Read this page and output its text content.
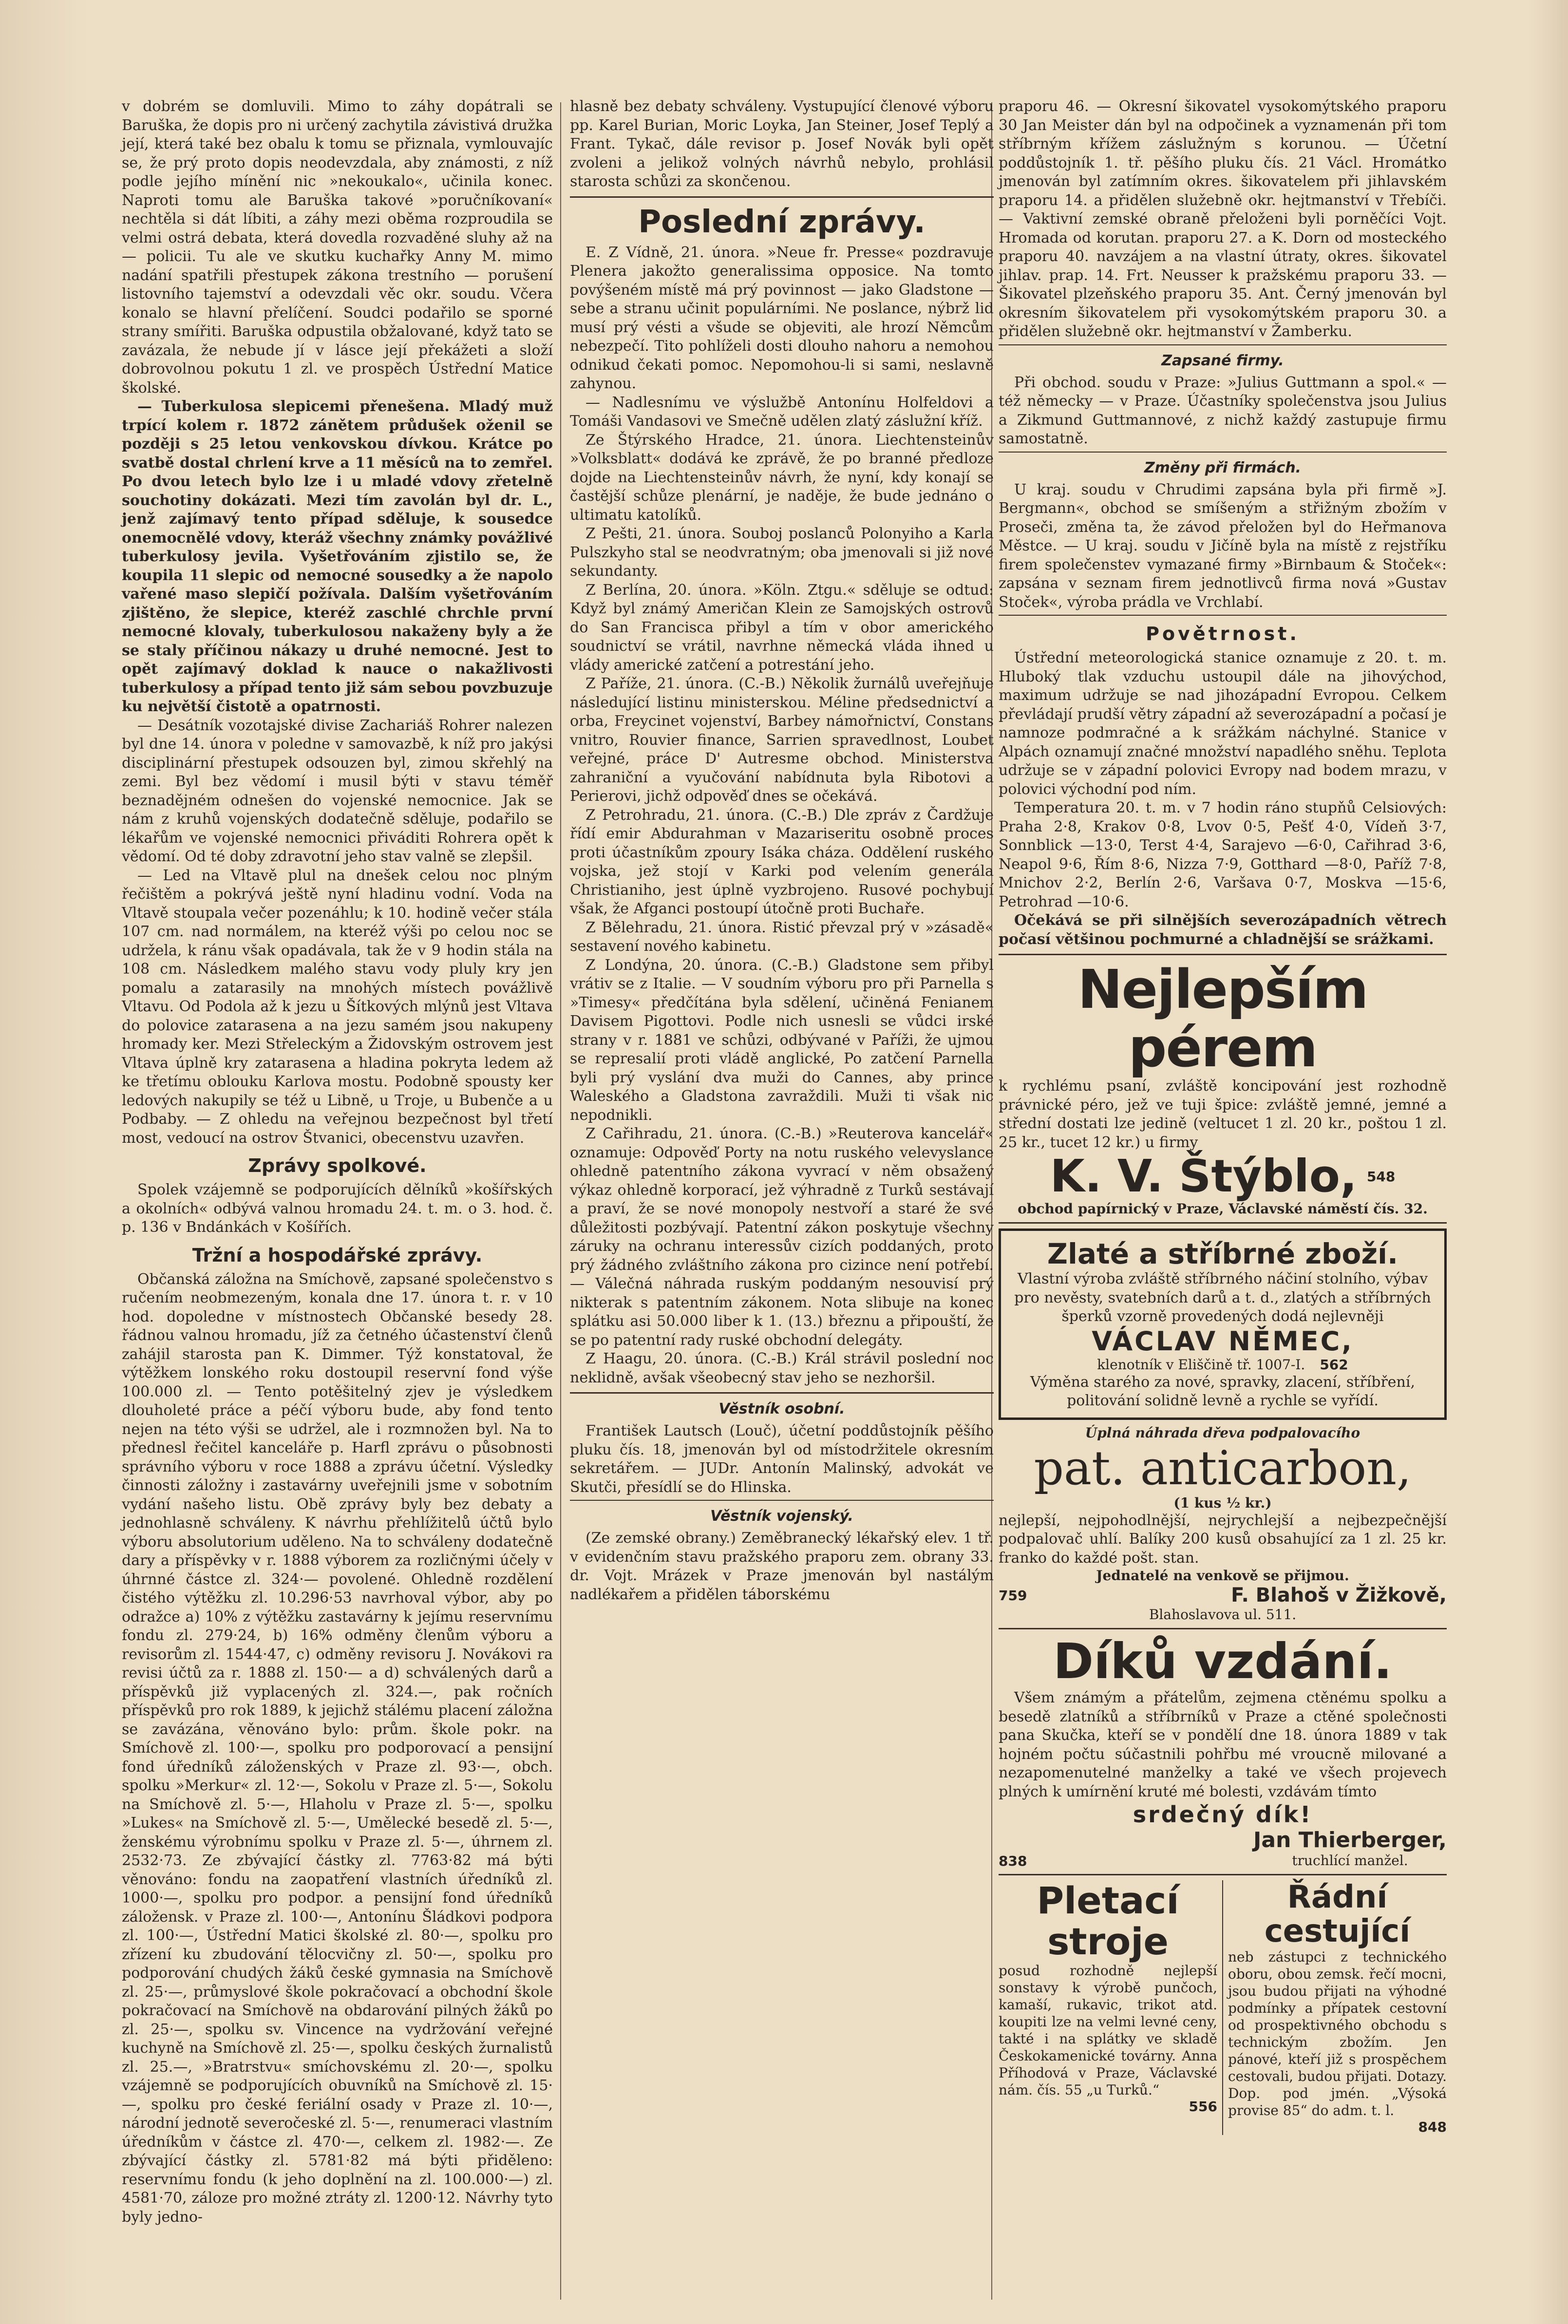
v dobrém se domluvili. Mimo to záhy dopátrali se Baruška, že dopis pro ni určený zachytila závistivá družka její, která také bez obalu k tomu se přiznala, vymlouvajíc se, že prý proto dopis neodevzdala, aby známosti, z níž podle jejího mínění nic »nekoukalo«, učinila konec. Naproti tomu ale Baruška takové »poručníkovaní« nechtěla si dát líbiti, a záhy mezi oběma rozproudila se velmi ostrá debata, která dovedla rozvaděné sluhy až na — policii. Tu ale ve skutku kuchařky Anny M. mimo nadání spatřili přestupek zákona trestního — porušení listovního tajemství a odevzdali věc okr. soudu. Včera konalo se hlavní přelíčení. Soudci podařilo se sporné strany smířiti. Baruška odpustila obžalované, když tato se zavázala, že nebude jí v lásce její překážeti a složí dobrovolnou pokutu 1 zl. ve prospěch Ústřední Matice školské.

— Tuberkulosa slepicemi přenešena. Mladý muž trpící kolem r. 1872 zánětem průdušek oženil se později s 25 letou venkovskou dívkou. Krátce po svatbě dostal chrlení krve a 11 měsíců na to zemřel. Po dvou letech bylo lze i u mladé vdovy zřetelně souchotiny dokázati. Mezi tím zavolán byl dr. L., jenž zajímavý tento případ sděluje, k sousedce onemocnělé vdovy, kteráž všechny známky povážlivé tuberkulosy jevila. Vyšetřováním zjistilo se, že koupila 11 slepic od nemocné sousedky a že napolo vařené maso slepičí požívala. Dalším vyšetřováním zjištěno, že slepice, kteréž zaschlé chrchle první nemocné klovaly, tuberkulosou nakaženy byly a že se staly příčinou nákazy u druhé nemocné. Jest to opět zajímavý doklad k nauce o nakažlivosti tuberkulosy a případ tento již sám sebou povzbuzuje ku největší čistotě a opatrnosti.

— Desátník vozotajské divise Zachariáš Rohrer nalezen byl dne 14. února v poledne v samovazbě, k níž pro jakýsi disciplinární přestupek odsouzen byl, zimou skřehlý na zemi. Byl bez vědomí i musil býti v stavu téměř beznadějném odnešen do vojenské nemocnice. Jak se nám z kruhů vojenských dodatečně sděluje, podařilo se lékařům ve vojenské nemocnici přiváditi Rohrera opět k vědomí. Od té doby zdravotní jeho stav valně se zlepšil.

— Led na Vltavě plul na dnešek celou noc plným řečištěm a pokrývá ještě nyní hladinu vodní. Voda na Vltavě stoupala večer pozenáhlu; k 10. hodině večer stála 107 cm. nad normálem, na kteréž výši po celou noc se udržela, k ránu však opadávala, tak že v 9 hodin stála na 108 cm. Následkem malého stavu vody pluly kry jen pomalu a zatarasily na mnohých místech povážlivě Vltavu. Od Podola až k jezu u Šítkových mlýnů jest Vltava do polovice zatarasena a na jezu samém jsou nakupeny hromady ker. Mezi Střeleckým a Židovským ostrovem jest Vltava úplně kry zatarasena a hladina pokryta ledem až ke třetímu oblouku Karlova mostu. Podobně spousty ker ledových nakupily se též u Libně, u Troje, u Bubenče a u Podbaby. — Z ohledu na veřejnou bezpečnost byl třetí most, vedoucí na ostrov Štvanici, obecenstvu uzavřen.

Zprávy spolkové.

Spolek vzájemně se podporujících dělníků »košířských a okolních« odbývá valnou hromadu 24. t. m. o 3. hod. č. p. 136 v Bndánkách v Košířích.

Tržní a hospodářské zprávy.

Občanská záložna na Smíchově, zapsané společenstvo s ručením neobmezeným, konala dne 17. února t. r. v 10 hod. dopoledne v místnostech Občanské besedy 28. řádnou valnou hromadu, jíž za četného účastenství členů zahájil starosta pan K. Dimmer. Týž konstatoval, že výtěžkem lonského roku dostoupil reservní fond výše 100.000 zl. — Tento potěšitelný zjev je výsledkem dlouholeté práce a péčí výboru bude, aby fond tento nejen na této výši se udržel, ale i rozmnožen byl. Na to přednesl řečitel kanceláře p. Harfl zprávu o působnosti správního výboru v roce 1888 a zprávu účetní. Výsledky činnosti záložny i zastavárny uveřejnili jsme v sobotním vydání našeho listu. Obě zprávy byly bez debaty a jednohlasně schváleny. K návrhu přehlížitelů účtů bylo výboru absolutorium uděleno. Na to schváleny dodatečně dary a příspěvky v r. 1888 výborem za rozličnými účely v úhrnné částce zl. 324·— povolené. Ohledně rozdělení čistého výtěžku zl. 10.296·53 navrhoval výbor, aby po odražce a) 10% z výtěžku zastavárny k jejímu reservnímu fondu zl. 279·24, b) 16% odměny členům výboru a revisorům zl. 1544·47, c) odměny revisoru J. Novákovi ra revisi účtů za r. 1888 zl. 150·— a d) schválených darů a příspěvků již vyplacených zl. 324.—, pak ročních příspěvků pro rok 1889, k jejichž stálému placení záložna se zavázána, věnováno bylo: prům. škole pokr. na Smíchově zl. 100·—, spolku pro podporovací a pensijní fond úředníků záloženských v Praze zl. 93·—, obch. spolku »Merkur« zl. 12·—, Sokolu v Praze zl. 5·—, Sokolu na Smíchově zl. 5·—, Hlaholu v Praze zl. 5·—, spolku »Lukes« na Smíchově zl. 5·—, Umělecké besedě zl. 5·—, ženskému výrobnímu spolku v Praze zl. 5·—, úhrnem zl. 2532·73. Ze zbývající částky zl. 7763·82 má býti věnováno: fondu na zaopatření vlastních úředníků zl. 1000·—, spolku pro podpor. a pensijní fond úředníků záložensk. v Praze zl. 100·—, Antonínu Šládkovi podpora zl. 100·—, Ústřední Matici školské zl. 80·—, spolku pro zřízení ku zbudování tělocvičny zl. 50·—, spolku pro podporování chudých žáků české gymnasia na Smíchově zl. 25·—, průmyslové škole pokračovací a obchodní škole pokračovací na Smíchově na obdarování pilných žáků po zl. 25·—, spolku sv. Vincence na vydržování veřejné kuchyně na Smíchově zl. 25·—, spolku českých žurnalistů zl. 25.—, »Bratrstvu« smíchovskému zl. 20·—, spolku vzájemně se podporujících obuvníků na Smíchově zl. 15·—, spolku pro české feriální osady v Praze zl. 10·—, národní jednotě severočeské zl. 5·—, renumeraci vlastním úředníkům v částce zl. 470·—, celkem zl. 1982·—. Ze zbývající částky zl. 5781·82 má býti přiděleno: reservnímu fondu (k jeho doplnění na zl. 100.000·—) zl. 4581·70, záloze pro možné ztráty zl. 1200·12. Návrhy tyto byly jedno-

hlasně bez debaty schváleny. Vystupující členové výboru pp. Karel Burian, Moric Loyka, Jan Steiner, Josef Teplý a Frant. Tykač, dále revisor p. Josef Novák byli opět zvoleni a jelikož volných návrhů nebylo, prohlásil starosta schůzi za skončenou.

Poslední zprávy.

E. Z Vídně, 21. února. »Neue fr. Presse« pozdravuje Plenera jakožto generalissima opposice. Na tomto povýšeném místě má prý povinnost — jako Gladstone — sebe a stranu učinit populárními. Ne poslance, nýbrž lid musí prý vésti a všude se objeviti, ale hrozí Němcům nebezpečí. Tito pohlíželi dosti dlouho nahoru a nemohou odnikud čekati pomoc. Nepomohou-li si sami, neslavně zahynou.

— Nadlesnímu ve výslužbě Antonínu Holfeldovi a Tomáši Vandasovi ve Smečně udělen zlatý záslužní kříž.

Ze Štýrského Hradce, 21. února. Liechtensteinův »Volksblatt« dodává ke zprávě, že po branné předloze dojde na Liechtensteinův návrh, že nyní, kdy konají se častější schůze plenární, je naděje, že bude jednáno o ultimatu katolíků.

Z Pešti, 21. února. Souboj poslanců Polonyiho a Karla Pulszkyho stal se neodvratným; oba jmenovali si již nové sekundanty.

Z Berlína, 20. února. »Köln. Ztgu.« sděluje se odtud: Když byl známý Američan Klein ze Samojských ostrovů do San Francisca přibyl a tím v obor amerického soudnictví se vrátil, navrhne německá vláda ihned u vlády americké zatčení a potrestání jeho.

Z Paříže, 21. února. (C.-B.) Několik žurnálů uveřejňuje následující listinu ministerskou. Méline předsednictví a orba, Freycinet vojenství, Barbey námořnictví, Constans vnitro, Rouvier finance, Sarrien spravedlnost, Loubet veřejné, práce D' Autresme obchod. Ministerstva zahraniční a vyučování nabídnuta byla Ribotovi a Perierovi, jichž odpověď dnes se očekává.

Z Petrohradu, 21. února. (C.-B.) Dle zpráv z Čardžuje řídí emir Abdurahman v Mazariseritu osobně proces proti účastníkům zpoury Isáka cháza. Oddělení ruského vojska, jež stojí v Karki pod velením generála Christianiho, jest úplně vyzbrojeno. Rusové pochybují však, že Afganci postoupí útočně proti Buchaře.

Z Bělehradu, 21. února. Ristić převzal prý v »zásadě« sestavení nového kabinetu.

Z Londýna, 20. února. (C.-B.) Gladstone sem přibyl vrátiv se z Italie. — V soudním výboru pro při Parnella s »Timesy« předčítána byla sdělení, učiněná Fenianem Davisem Pigottovi. Podle nich usnesli se vůdci irské strany v r. 1881 ve schůzi, odbývané v Paříži, že ujmou se represalií proti vládě anglické, Po zatčení Parnella byli prý vyslání dva muži do Cannes, aby prince Waleského a Gladstona zavraždili. Muži ti však nic nepodnikli.

Z Cařihradu, 21. února. (C.-B.) »Reuterova kancelář« oznamuje: Odpověď Porty na notu ruského velevyslance ohledně patentního zákona vyvrací v něm obsažený výkaz ohledně korporací, jež výhradně z Turků sestávají a praví, že se nové monopoly nestvoří a staré že své důležitosti pozbývají. Patentní zákon poskytuje všechny záruky na ochranu interessův cizích poddaných, proto prý žádného zvláštního zákona pro cizince není potřebí. — Válečná náhrada ruským poddaným nesouvisí prý nikterak s patentním zákonem. Nota slibuje na konec splátku asi 50.000 liber k 1. (13.) březnu a připouští, že se po patentní rady ruské obchodní delegáty.

Z Haagu, 20. února. (C.-B.) Král strávil poslední noc neklidně, avšak všeobecný stav jeho se nezhoršil.

Věstník osobní.

František Lautsch (Louč), účetní poddůstojník pěšího pluku čís. 18, jmenován byl od místodržitele okresním sekretářem. — JUDr. Antonín Malinský, advokát ve Skutči, přesídlí se do Hlinska.

Věstník vojenský.

(Ze zemské obrany.) Zeměbranecký lékařský elev. 1 tř. v evidenčním stavu pražského praporu zem. obrany 33. dr. Vojt. Mrázek v Praze jmenován byl nastálým nadlékařem a přidělen táborskému

praporu 46. — Okresní šikovatel vysokomýtského praporu 30 Jan Meister dán byl na odpočinek a vyznamenán při tom stříbrným křížem záslužným s korunou. — Účetní poddůstojník 1. tř. pěšího pluku čís. 21 Václ. Hromátko jmenován byl zatímním okres. šikovatelem při jihlavském praporu 14. a přidělen služebně okr. hejtmanství v Třebíči. — Vaktivní zemské obraně přeloženi byli porněčíci Vojt. Hromada od korutan. praporu 27. a K. Dorn od mosteckého praporu 40. navzájem a na vlastní útraty, okres. šikovatel jihlav. prap. 14. Frt. Neusser k pražskému praporu 33. — Šikovatel plzeňského praporu 35. Ant. Černý jmenován byl okresním šikovatelem při vysokomýtském praporu 30. a přidělen služebně okr. hejtmanství v Žamberku.

Zapsané firmy.

Při obchod. soudu v Praze: »Julius Guttmann a spol.« — též německy — v Praze. Účastníky společenstva jsou Julius a Zikmund Guttmannové, z nichž každý zastupuje firmu samostatně.

Změny při firmách.

U kraj. soudu v Chrudimi zapsána byla při firmě »J. Bergmann«, obchod se smíšeným a střižným zbožím v Proseči, změna ta, že závod přeložen byl do Heřmanova Městce. — U kraj. soudu v Jičíně byla na místě z rejstříku firem společenstev vymazané firmy »Birnbaum & Stoček«: zapsána v seznam firem jednotlivců firma nová »Gustav Stoček«, výroba prádla ve Vrchlabí.

Povětrnost.

Ústřední meteorologická stanice oznamuje z 20. t. m. Hluboký tlak vzduchu ustoupil dále na jihovýchod, maximum udržuje se nad jihozápadní Evropou. Celkem převládají prudší větry západní až severozápadní a počasí je namnoze podmračné a k srážkám náchylné. Stanice v Alpách oznamují značné množství napadlého sněhu. Teplota udržuje se v západní polovici Evropy nad bodem mrazu, v polovici východní pod ním.

Temperatura 20. t. m. v 7 hodin ráno stupňů Celsiových: Praha 2·8, Krakov 0·8, Lvov 0·5, Pešť 4·0, Vídeň 3·7, Sonnblick —13·0, Terst 4·4, Sarajevo —6·0, Cařihrad 3·6, Neapol 9·6, Řím 8·6, Nizza 7·9, Gotthard —8·0, Paříž 7·8, Mnichov 2·2, Berlín 2·6, Varšava 0·7, Moskva —15·6, Petrohrad —10·6.

Očekává se při silnějších severozápadních větrech počasí většinou pochmurné a chladnější se srážkami.

Nejlepším pérem

k rychlému psaní, zvláště koncipování jest rozhodně právnické péro, jež ve tuji špice: zvláště jemné, jemné a střední dostati lze jedině (veltucet 1 zl. 20 kr., poštou 1 zl. 25 kr., tucet 12 kr.) u firmy

K. V. Štýblo, 548
obchod papírnický v Praze, Václavské náměstí čís. 32.
Zlaté a stříbrné zboží.

Vlastní výroba zvláště stříbrného náčiní stolního, výbav pro nevěsty, svatebních darů a t. d., zlatých a stříbrných šperků vzorně provedených dodá nejlevněji

VÁCLAV NĚMEC,
klenotník v Eliščině tř. 1007-I. 562

Výměna starého za nové, spravky, zlacení, stříbření, politování solidně levně a rychle se vyřídí.

Úplná náhrada dřeva podpalovacího
pat. anticarbon,
(1 kus ½ kr.)

nejlepší, nejpohodlnější, nejrychlejší a nejbezpečnější podpalovač uhlí. Balíky 200 kusů obsahující za 1 zl. 25 kr. franko do každé pošt. stan.

Jednatelé na venkově se přijmou.
759	F. Blahoš v Žižkově,
Blahoslavova ul. 511.
Díků vzdání.

Všem známým a přátelům, zejmena ctěnému spolku a besedě zlatníků a stříbrníků v Praze a ctěné společnosti pana Skučka, kteří se v pondělí dne 18. února 1889 v tak hojném počtu súčastnili pohřbu mé vroucně milované a nezapomenutelné manželky a také ve všech projevech plných k umírnění kruté mé bolesti, vzdávám tímto

srdečný dík!
838
Jan Thierberger,
truchlící manžel.
Pletací stroje

posud rozhodně nejlepší sonstavy k výrobě punčoch, kamaší, rukavic, trikot atd. koupiti lze na velmi levné ceny, takté i na splátky ve skladě Českokamenické továrny. Anna Příhodová v Praze, Václavské nám. čís. 55 „u Turků.“

556
Řádní cestující

neb zástupci z technického oboru, obou zemsk. řečí mocni, jsou budou přijati na výhodné podmínky a přípatek cestovní od prospektivného obchodu s technickým zbožím. Jen pánové, kteří již s prospěchem cestovali, budou přijati. Dotazy. Dop. pod jmén. „Výsoká provise 85“ do adm. t. l.

848
